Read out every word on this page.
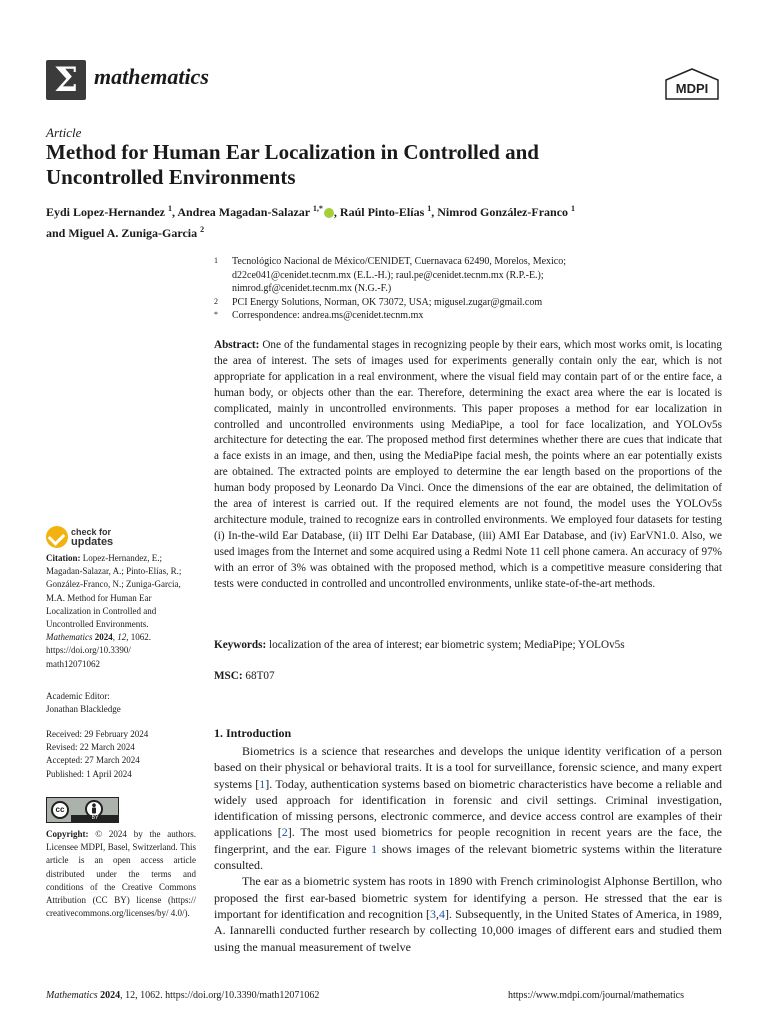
Σ mathematics	MDPI
Article
Method for Human Ear Localization in Controlled and
Uncontrolled Environments
Eydi Lopez-Hernandez $^1$, Andrea Magadan-Salazar $^{1,*}$ , Raúl Pinto-Elías $^1$, Nimrod González-Franco $^1$
and Miguel A. Zuniga-Garcia $^2$
1 Tecnológico Nacional de México/CENIDET, Cuernavaca 62490, Morelos, Mexico;
d22ce041@cenidet.tecnm.mx (E.L.-H.); raul.pe@cenidet.tecnm.mx (R.P.-E.);
nimrod.gf@cenidet.tecnm.mx (N.G.-F.)
2 PCI Energy Solutions, Norman, OK 73072, USA; migusel.zugar@gmail.com
* Correspondence: andrea.ms@cenidet.tecnm.mx

Abstract: One of the fundamental stages in recognizing people by their ears, which most works omit, is locating the area of interest. The sets of images used for experiments generally contain only the ear, which is not appropriate for application in a real environment, where the visual field may contain part of or the entire face, a human body, or objects other than the ear. Therefore, determining the exact area where the ear is located is complicated, mainly in uncontrolled environments. This paper proposes a method for ear localization in controlled and uncontrolled environments using MediaPipe, a tool for face localization, and YOLOv5s architecture for detecting the ear. The proposed method first determines whether there are cues that indicate that a face exists in an image, and then, using the MediaPipe facial mesh, the points where an ear potentially exists are obtained. The extracted points are employed to determine the ear length based on the proportions of the human body proposed by Leonardo Da Vinci. Once the dimensions of the ear are obtained, the delimitation of the area of interest is carried out. If the required elements are not found, the model uses the YOLOv5s architecture module, trained to recognize ears in controlled environments. We employed four datasets for testing (i) In-the-wild Ear Database, (ii) IIT Delhi Ear Database, (iii) AMI Ear Database, and (iv) EarVN1.0. Also, we used images from the Internet and some acquired using a Redmi Note 11 cell phone camera. An accuracy of 97% with an error of 3% was obtained with the proposed method, which is a competitive measure considering that tests were conducted in controlled and uncontrolled environments, unlike state-of-the-art methods.

Keywords: localization of the area of interest; ear biometric system; MediaPipe; YOLOv5s
MSC: 68T07
check for
updates
Citation: Lopez-Hernandez, E.;
Magadan-Salazar, A.; Pinto-Elías, R.;
González-Franco, N.; Zuniga-Garcia,
M.A. Method for Human Ear
Localization in Controlled and
Uncontrolled Environments.
Mathematics 2024, 12, 1062.
https://doi.org/10.3390/
math12071062
Academic Editor:
Jonathan Blackledge
Received: 29 February 2024
Revised: 22 March 2024
Accepted: 27 March 2024
Published: 1 April 2024
cc
BY
Copyright: © 2024 by the authors. Licensee MDPI, Basel, Switzerland. This article is an open access article distributed under the terms and conditions of the Creative Commons Attribution (CC BY) license (https:// creativecommons.org/licenses/by/ 4.0/).
1. Introduction

Biometrics is a science that researches and develops the unique identity verification of a person based on their physical or behavioral traits. It is a tool for surveillance, forensic science, and many expert systems [1]. Today, authentication systems based on biometric characteristics have become a reliable and widely used approach for identification in forensic and civil settings. Criminal investigation, identification of missing persons, electronic commerce, and device access control are examples of their applications [2]. The most used biometrics for people recognition in recent years are the face, the fingerprint, and the ear. Figure 1 shows images of the relevant biometric systems within the literature consulted.

The ear as a biometric system has roots in 1890 with French criminologist Alphonse Bertillon, who proposed the first ear-based biometric system for identifying a person. He stressed that the ear is important for identification and recognition [3,4]. Subsequently, in the United States of America, in 1989, A. Iannarelli conducted further research by collecting 10,000 images of different ears and studied them using the manual measurement of twelve

Mathematics 2024, 12, 1062. https://doi.org/10.3390/math12071062	https://www.mdpi.com/journal/mathematics
